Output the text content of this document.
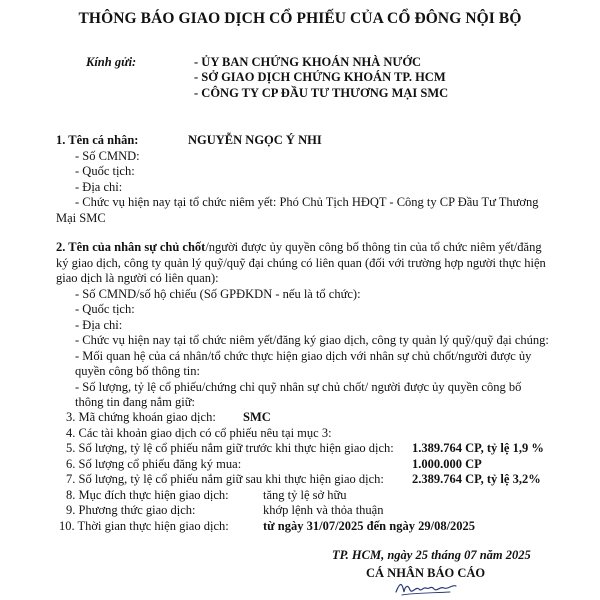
THÔNG BÁO GIAO DỊCH CỔ PHIẾU CỦA CỔ ĐÔNG NỘI BỘ
Kính gửi:	- ỦY BAN CHỨNG KHOÁN NHÀ NƯỚC
- SỞ GIAO DỊCH CHỨNG KHOÁN TP. HCM
- CÔNG TY CP ĐẦU TƯ THƯƠNG MẠI SMC
1. Tên cá nhân:	NGUYỄN NGỌC Ý NHI
- Số CMND:
- Quốc tịch:
- Địa chỉ:
- Chức vụ hiện nay tại tổ chức niêm yết: Phó Chủ Tịch HĐQT - Công ty CP Đầu Tư Thương
Mại SMC
2. Tên của nhân sự chủ chốt/người được ủy quyền công bố thông tin của tổ chức niêm yết/đăng
ký giao dịch, công ty quản lý quỹ/quỹ đại chúng có liên quan (đối với trường hợp người thực hiện
giao dịch là người có liên quan):
- Số CMND/số hộ chiếu (Số GPĐKDN - nếu là tổ chức):
- Quốc tịch:
- Địa chỉ:
- Chức vụ hiện nay tại tổ chức niêm yết/đăng ký giao dịch, công ty quản lý quỹ/quỹ đại chúng:
- Mối quan hệ của cá nhân/tổ chức thực hiện giao dịch với nhân sự chủ chốt/người được ủy
quyền công bố thông tin:
- Số lượng, tỷ lệ cổ phiếu/chứng chỉ quỹ nhân sự chủ chốt/ người được ủy quyền công bố
thông tin đang nắm giữ:
3. Mã chứng khoán giao dịch: SMC
4. Các tài khoản giao dịch có cổ phiếu nêu tại mục 3:
5. Số lượng, tỷ lệ cổ phiếu nắm giữ trước khi thực hiện giao dịch: 1.389.764 CP, tỷ lệ 1,9 %
6. Số lượng cổ phiếu đăng ký mua:	1.000.000 CP
7. Số lượng, tỷ lệ cổ phiếu nắm giữ sau khi thực hiện giao dịch: 2.389.764 CP, tỷ lệ 3,2%
8. Mục đích thực hiện giao dịch:	tăng tỷ lệ sở hữu
9. Phương thức giao dịch:	khớp lệnh và thỏa thuận
10. Thời gian thực hiện giao dịch:	từ ngày 31/07/2025 đến ngày 29/08/2025
TP. HCM, ngày 25 tháng 07 năm 2025
CÁ NHÂN BÁO CÁO
